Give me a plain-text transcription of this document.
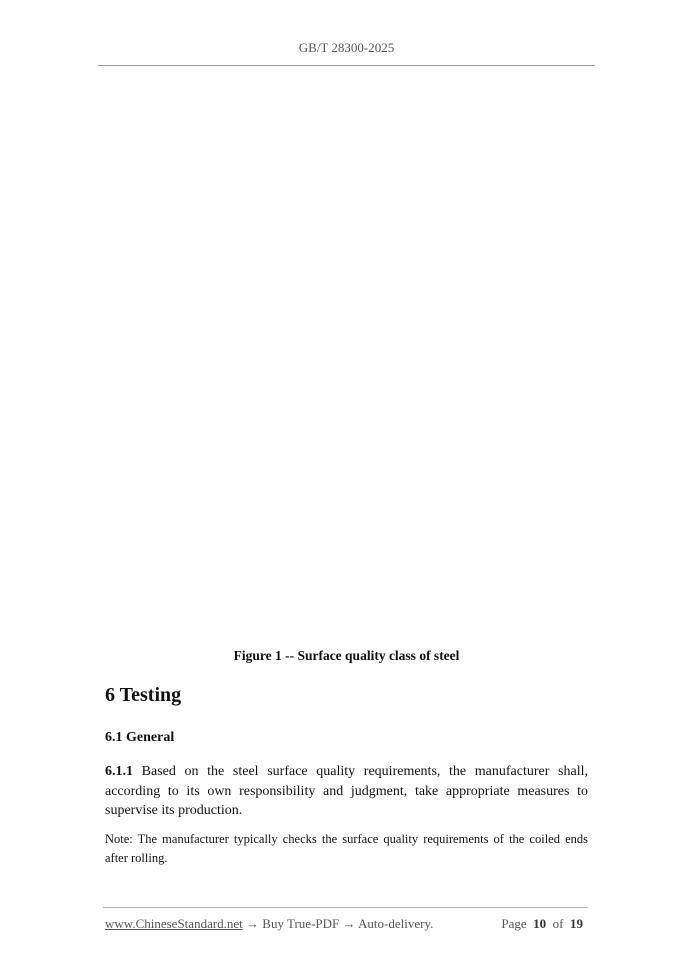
GB/T 28300-2025
Figure 1 -- Surface quality class of steel
6 Testing
6.1 General
6.1.1 Based on the steel surface quality requirements, the manufacturer shall, according to its own responsibility and judgment, take appropriate measures to supervise its production.
Note: The manufacturer typically checks the surface quality requirements of the coiled ends after rolling.
www.ChineseStandard.net → Buy True-PDF → Auto-delivery.	Page 10 of 19
